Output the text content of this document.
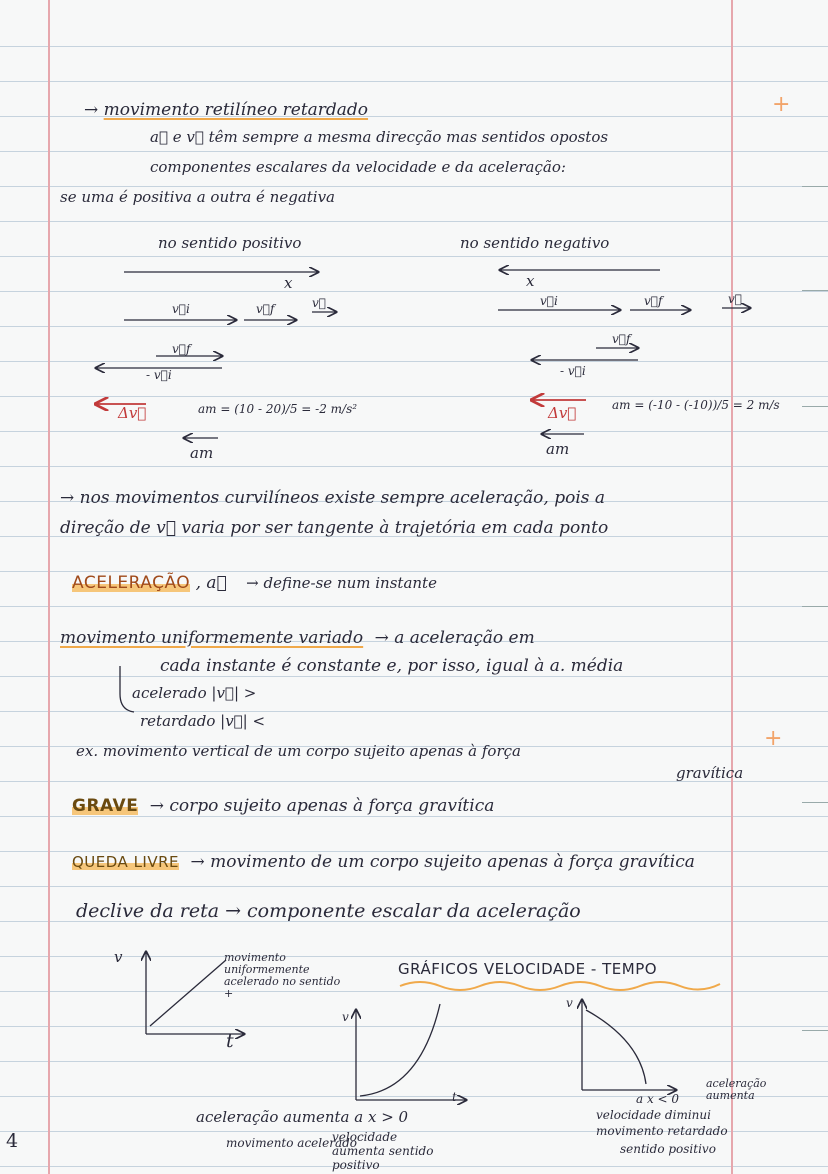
→ movimento retilíneo retardado
a⃗ e v⃗ têm sempre a mesma direcção mas sentidos opostos
componentes escalares da velocidade e da aceleração:
se uma é positiva a outra é negativa
+
no sentido positivo
x
v⃗i	v⃗f	v⃗
v⃗f
- v⃗i
Δv⃗	am = (10 - 20)/5 = -2 m/s²
am
no sentido negativo
x
v⃗i	v⃗f	v⃗
v⃗f
- v⃗i
Δv⃗	am = (-10 - (-10))/5 = 2 m/s
am
→ nos movimentos curvilíneos existe sempre aceleração, pois a
direção de v⃗ varia por ser tangente à trajetória em cada ponto
ACELERAÇÃO , a⃗ → define-se num instante
movimento uniformemente variado → a aceleração em
cada instante é constante e, por isso, igual à a. média
acelerado |v⃗| >
retardado |v⃗| <
ex. movimento vertical de um corpo sujeito apenas à força
gravítica
+
GRAVE → corpo sujeito apenas à força gravítica
QUEDA LIVRE → movimento de um corpo sujeito apenas à força gravítica
declive da reta → componente escalar da aceleração
GRÁFICOS VELOCIDADE - TEMPO
v
t
movimento uniformemente acelerado no sentido +
v
t
aceleração aumenta a x > 0
movimento acelerado
velocidade aumenta sentido positivo
v
a x < 0
aceleração aumenta
velocidade diminui
movimento retardado
sentido positivo
4
